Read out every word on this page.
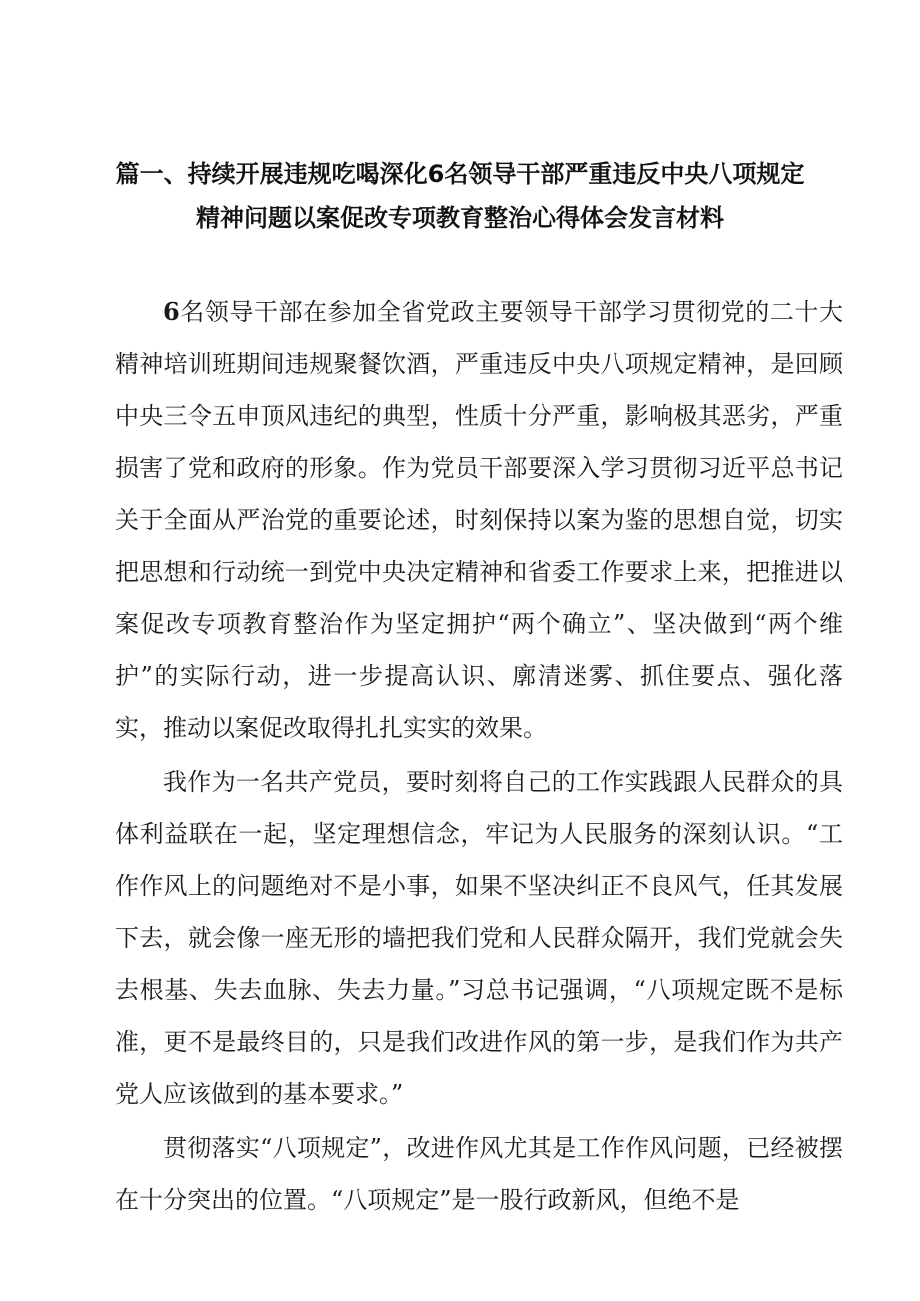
篇一、持续开展违规吃喝深化6名领导干部严重违反中央八项规定精神问题以案促改专项教育整治心得体会发言材料

6名领导干部在参加全省党政主要领导干部学习贯彻党的二十大精神培训班期间违规聚餐饮酒，严重违反中央八项规定精神，是回顾中央三令五申顶风违纪的典型，性质十分严重，影响极其恶劣，严重损害了党和政府的形象。作为党员干部要深入学习贯彻习近平总书记关于全面从严治党的重要论述，时刻保持以案为鉴的思想自觉，切实把思想和行动统一到党中央决定精神和省委工作要求上来，把推进以案促改专项教育整治作为坚定拥护“两个确立”、坚决做到“两个维护”的实际行动，进一步提高认识、廓清迷雾、抓住要点、强化落实，推动以案促改取得扎扎实实的效果。

我作为一名共产党员，要时刻将自己的工作实践跟人民群众的具体利益联在一起，坚定理想信念，牢记为人民服务的深刻认识。“工作作风上的问题绝对不是小事，如果不坚决纠正不良风气，任其发展下去，就会像一座无形的墙把我们党和人民群众隔开，我们党就会失去根基、失去血脉、失去力量。”习总书记强调，“八项规定既不是标准，更不是最终目的，只是我们改进作风的第一步，是我们作为共产党人应该做到的基本要求。”

贯彻落实“八项规定”，改进作风尤其是工作作风问题，已经被摆在十分突出的位置。“八项规定”是一股行政新风，但绝不是
